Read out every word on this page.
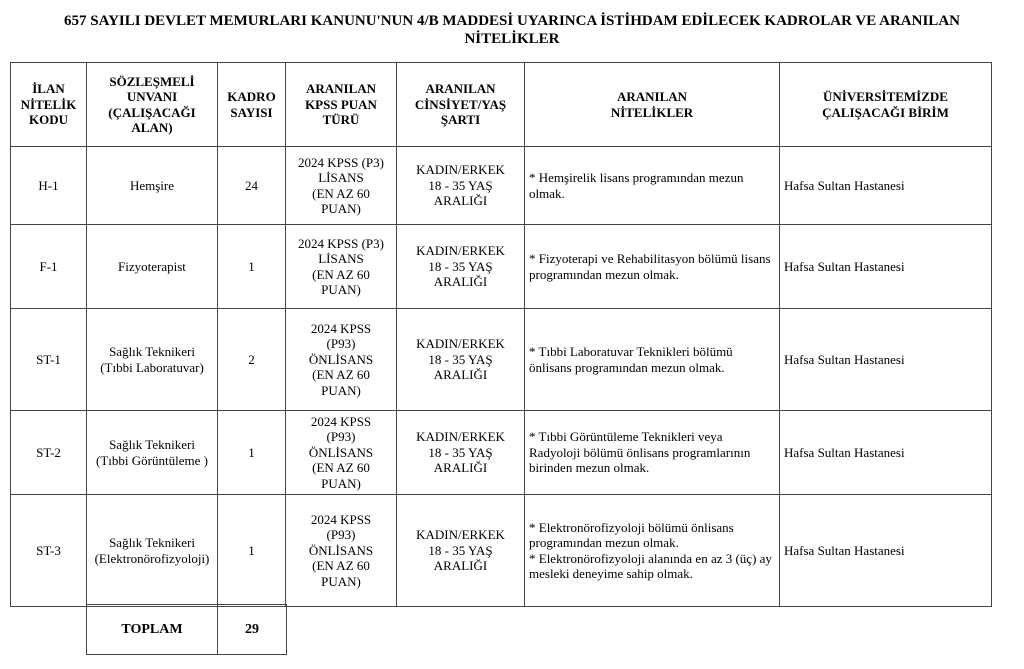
657 SAYILI DEVLET MEMURLARI KANUNU'NUN 4/B MADDESİ UYARINCA İSTİHDAM EDİLECEK KADROLAR VE ARANILAN
NİTELİKLER
İLAN
NİTELİK
KODU	SÖZLEŞMELİ
UNVANI
(ÇALIŞACAĞI
ALAN)	KADRO
SAYISI	ARANILAN
KPSS PUAN
TÜRÜ	ARANILAN
CİNSİYET/YAŞ
ŞARTI	ARANILAN
NİTELİKLER	ÜNİVERSİTEMİZDE
ÇALIŞACAĞI BİRİM

H-1	Hemşire	24	2024 KPSS (P3)
LİSANS
(EN AZ 60
PUAN)	KADIN/ERKEK
18 - 35 YAŞ
ARALIĞI	* Hemşirelik lisans programından mezun olmak.	Hafsa Sultan Hastanesi
F-1	Fizyoterapist	1	2024 KPSS (P3)
LİSANS
(EN AZ 60
PUAN)	KADIN/ERKEK
18 - 35 YAŞ
ARALIĞI	* Fizyoterapi ve Rehabilitasyon bölümü lisans programından mezun olmak.	Hafsa Sultan Hastanesi
ST-1	Sağlık Teknikeri
(Tıbbi Laboratuvar)	2	2024 KPSS
(P93)
ÖNLİSANS
(EN AZ 60
PUAN)	KADIN/ERKEK
18 - 35 YAŞ
ARALIĞI	* Tıbbi Laboratuvar Teknikleri bölümü önlisans programından mezun olmak.	Hafsa Sultan Hastanesi
ST-2	Sağlık Teknikeri
(Tıbbi Görüntüleme )	1	2024 KPSS
(P93)
ÖNLİSANS
(EN AZ 60
PUAN)	KADIN/ERKEK
18 - 35 YAŞ
ARALIĞI	* Tıbbi Görüntüleme Teknikleri veya Radyoloji bölümü önlisans programlarının birinden mezun olmak.	Hafsa Sultan Hastanesi
ST-3	Sağlık Teknikeri
(Elektronörofizyoloji)	1	2024 KPSS
(P93)
ÖNLİSANS
(EN AZ 60
PUAN)	KADIN/ERKEK
18 - 35 YAŞ
ARALIĞI	* Elektronörofizyoloji bölümü önlisans programından mezun olmak.
* Elektronörofizyoloji alanında en az 3 (üç) ay mesleki deneyime sahip olmak.	Hafsa Sultan Hastanesi
TOPLAM	29
